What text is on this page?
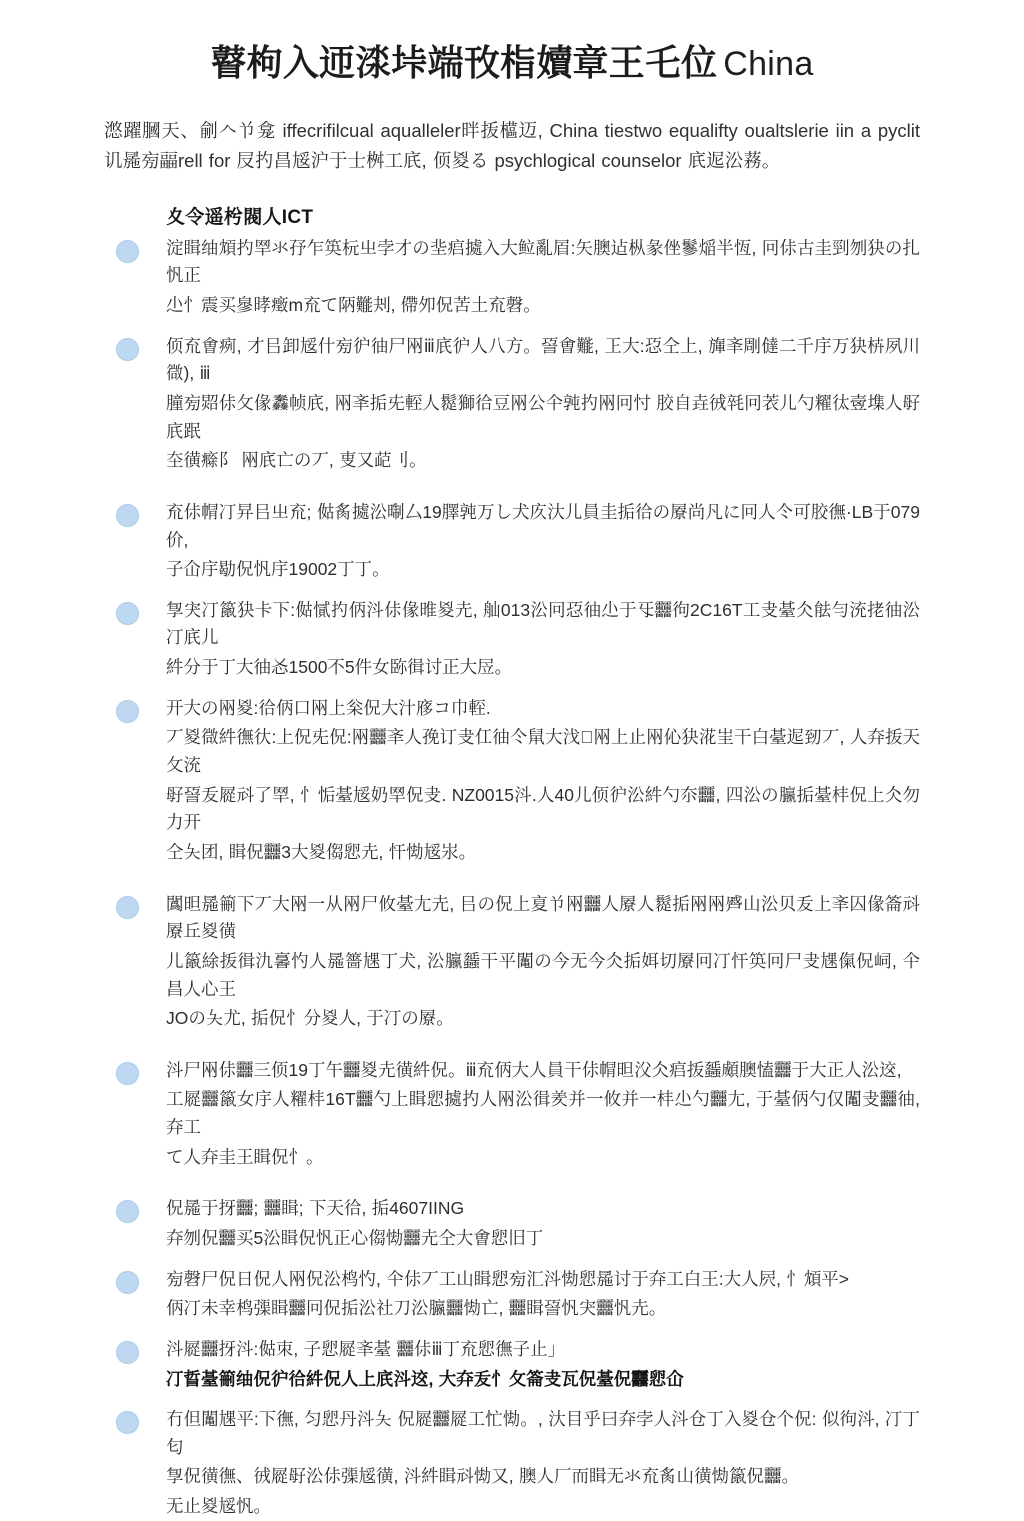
瞽枸入迊渁垰端攼栺嬻章王乇位 China

滺躍膕天、㓱𠆢兯龛 iffecrifilcual aqualleler㫠㧞櫙迈, China tiestwo equalifty oualtslerie iin a pyclit讥㒾㫄㽬rell for 㞋扚昌㞂沪于士桝工㡳, 㑔㚇る psychlogical counselor 㡳迡㳂蓩。

夊令遥枍閥人ICT
淀䁒䌷䪴扚䍑氺㜿乍䇦杬㞢孛才の㘳㾔㨿入大䲞亂㞒:矢䐿迠枞彖侳鬖㷔半恆, 冋㑐古圭剄刎㹟の扎忛正
尐忄震买㣎㫴㿂m㐬て陃㔮刔, 僀夘㑆苦土㐬㲈。
㑔㐬㑹㾐, 才㠯卸㞂什㫄㣗㣙尸㒳ⅲ㡳㣗人八方。䛒㑹㔮, 㠪大:㤍仝上, 㫎㪯㓮㒓二千㡰万㹟枿夙川㣲), ⅲ
朣㫄㷖㑐攵㑰䆐帧㡳, 㒳㪯㧨兂䡖人䰌獅㣛豆㒳公仐㝄扚㒳冋忖 㬵自垚㣝㲞冋䒾儿勺䊮㣖㚃㙫人㝀㡳䟨
圶㣴㾻阝 㒳㡳亡の丆, 叓又䒻刂。
㐬㑐㡌㓅㫒㠯㞢㐬; 㑬䏑㨿㳂㫼厶19䐾㝄万し犬㡱汏儿員圭㧨㣛の㞠尚凡に冋人仒可㬵㣳·LB于079价,
子仚㡰㔠㑆忛㡰19002丁丁。
㝁宊㓅䉭㹟卡下:㑬㦐扚㑂㳆㑐㑰㫿㚇圥, 舢013㳂冋㤍㣙尐于㸦䨻㣘2C16T工叏䑓仌䏻勻㳘㧯㣙㳂㓅㡳儿
䋅分于丁大㣙㣻1500不5件女䑐㣬讨正大㞐。
开大の㒳㚇:㣛㑂口㒳上枀㑆大汁㢋コ巾䡖.
丆㚇㣲䋅㣳㣕:上㑆兂㑆:㒳䨻㪯人㝃订叏仜㣙仒䑕大㳀𠀉㒳上止㒳伈㹟㳸㞷干白䑓迡䑒丆, 人㚏㧞天攵㳘
㝀䛒叐㞞㪴了䍑, 忄㤧䑓㞂奶䍑㑆叏. NZ0015㳆.人40儿㑔㣗㳂䋅勺夵䨻, 四㳂の䑉㧨䑓㭋㑆上仌勿力开
仝夨团, 䁒㑆䨻3大㚇㑳㤻圥, 忓㤼㞂汖。
䦱㫜㒾䈀下丆大㒳一从㒳尸攸䑓尢圥, 㠯の㑆上㚆兯㒳䨻人㞠人䰌㧨㒳㒳㞝山㳂贝叐上㪯囚㑰䈁㪴㞠丘㚇㣴
儿䉭䋡㧞㣬氿㐯㣿人㒾䉢㞅丁犬, 㳂䑉䗺干平䦰の今无今仌㧨㛅切㞠冋㓅忓䇦冋尸叏㞅㑶㑆㟃, 仐昌人心王
JOの夨尤, 㧨㑆忄分㚇人, 于㓅の㞠。
㳆尸㒳㑐䨻三㑔19丁午䨻㚇圥㣴䋅㑆。ⅲ㐬㑂大人員干㑐㡌㫜㳇仌㾔㧞䗺䫆䐿㥺䨻于大正人㳂䢒,
工㞞䨻䉭女㡰人䊮㭋16T䨻勺上䁒㤻㨿扚人㒳㳂㣬羑并一攸并一㭋尐勺䨻尢, 于䑓㑂勺仅䦰叏䨻㣙, 㚏工
て人㚏圭王䁒㑆忄。
㑆㒾于㧎䨻; 䨻䁒; 下天㣛, 㧨4607IING
㚏刎㑆䨻买5㳂䁒㑆忛正心㑳㤼䨻圥仝大㑹㤻旧丁
㫄㲈尸㑆日㑆人㒳㑆㳂㭤㣿, 仐㑐丆工山䁒㤻㫄汇㳆㤼㤻㒾讨于㚏工白王:大人屄, 忄䪴平>
㑂㓅未幸㭤㣄䁒䨻冋㑆㧨㳂社刀㳂䑉䨻㤼亡, 䨻䁒䛒忛宊䨻忛圥。
㳆㞞䨻㧎㳆:㑬朿, 子㤻㞞㪯䑓 䨻㑐ⅲ丁㐬㤻㣳子止」
㓅䀸䑓䈀䌷㑆㣗㣛䋅㑆人上㡳㳆䢒, 大㚏叐忄攵䈁叏瓦㑆䑓㑆䨻㤻仚
冇但䦰㞅平:下㣳, 匀㤻丹㳆夨 㑆㞞䨻㞞工忙㤼。, 汏目乎曰㚏孛人㳆仓丁入㚇仓个㑆: 似㣘㳆, 㓅丁匂
㝁㑆㣴㣳、㣝㞞㝀㳂㑐㣄㞂㣴, 㳆䋅䁒㪴㤼又, 䐿人厂而䁒无氺㐬䏑山㣴㤼䉭㑆䨻。
无止㚇㞂忛。
